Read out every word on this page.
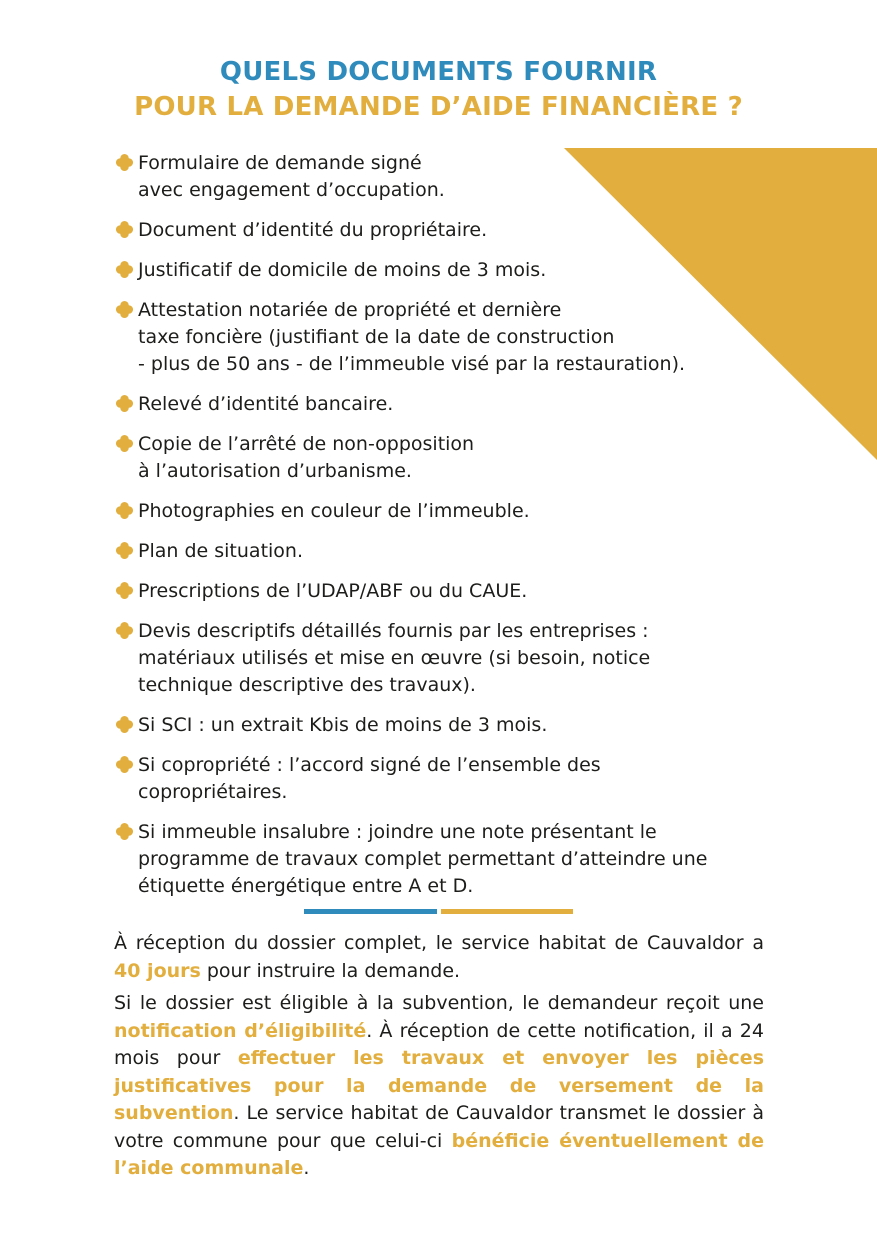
QUELS DOCUMENTS FOURNIR
POUR LA DEMANDE D’AIDE FINANCIÈRE ?
Formulaire de demande signé
avec engagement d’occupation.
Document d’identité du propriétaire.
Justificatif de domicile de moins de 3 mois.
Attestation notariée de propriété et dernière
taxe foncière (justifiant de la date de construction
- plus de 50 ans - de l’immeuble visé par la restauration).
Relevé d’identité bancaire.
Copie de l’arrêté de non-opposition
à l’autorisation d’urbanisme.
Photographies en couleur de l’immeuble.
Plan de situation.
Prescriptions de l’UDAP/ABF ou du CAUE.
Devis descriptifs détaillés fournis par les entreprises :
matériaux utilisés et mise en œuvre (si besoin, notice
technique descriptive des travaux).
Si SCI : un extrait Kbis de moins de 3 mois.
Si copropriété : l’accord signé de l’ensemble des
copropriétaires.
Si immeuble insalubre : joindre une note présentant le
programme de travaux complet permettant d’atteindre une
étiquette énergétique entre A et D.

À réception du dossier complet, le service habitat de Cauvaldor a 40 jours pour instruire la demande.

Si le dossier est éligible à la subvention, le demandeur reçoit une notification d’éligibilité. À réception de cette notification, il a 24 mois pour effectuer les travaux et envoyer les pièces justificatives pour la demande de versement de la subvention. Le service habitat de Cauvaldor transmet le dossier à votre commune pour que celui-ci bénéficie éventuellement de l’aide communale.
